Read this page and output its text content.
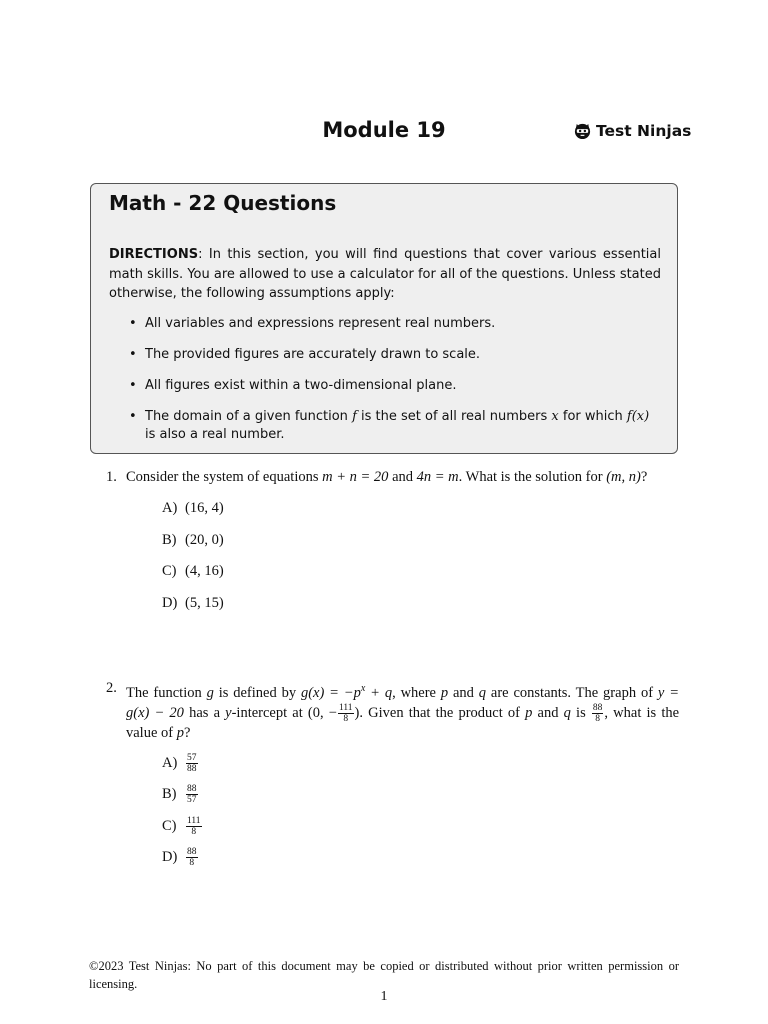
Module 19	Test Ninjas
Math - 22 Questions
DIRECTIONS: In this section, you will find questions that cover various essential math skills. You are allowed to use a calculator for all of the questions. Unless stated otherwise, the following assumptions apply:
• All variables and expressions represent real numbers.
• The provided figures are accurately drawn to scale.
• All figures exist within a two-dimensional plane.
• The domain of a given function f is the set of all real numbers x for which f(x) is also a real number.
1. Consider the system of equations m + n = 20 and 4n = m. What is the solution for (m, n)?
A) (16, 4)
B) (20, 0)
C) (4, 16)
D) (5, 15)
2. The function g is defined by $g(x) = -p^x + q$, where p and q are constants. The graph of y = g(x) − 20 has a y-intercept at (0, − $\frac{111}{8}$ ). Given that the product of p and q is $\frac{88}{8}$ , what is the value of p?
$A) \frac{57}{88}$
$B) \frac{88}{57}$
$C) \frac{111}{8}$
$D) \frac{88}{8}$
©2023 Test Ninjas: No part of this document may be copied or distributed without prior written permission or licensing.
1
